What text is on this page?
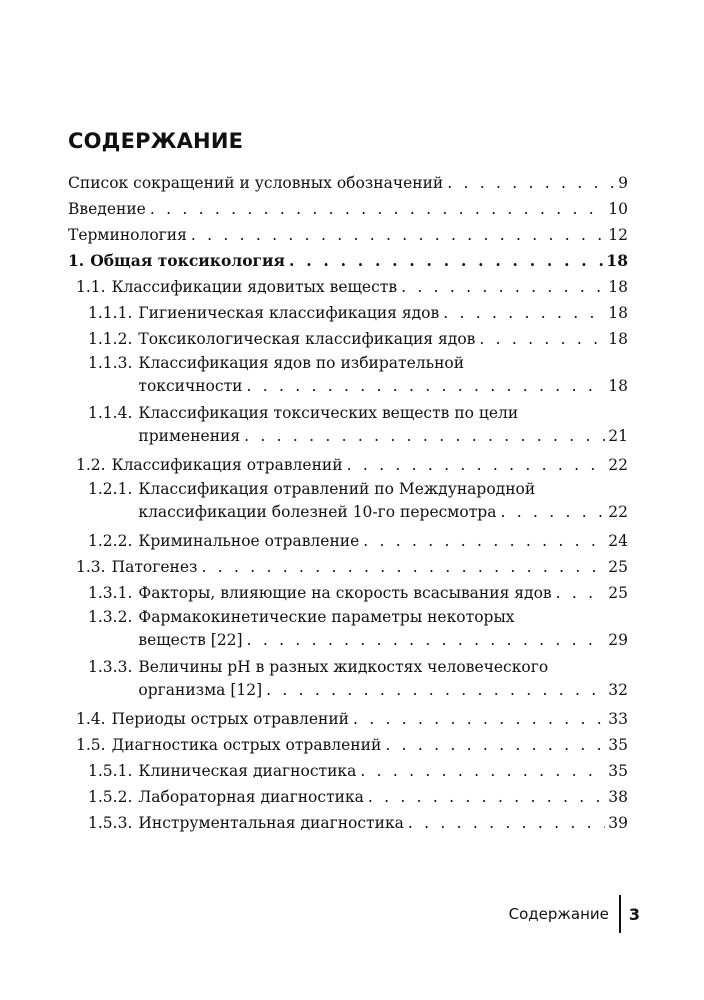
СОДЕРЖАНИЕ
Список сокращений и условных обозначений . . .	9
Введение . . .	10
Терминология . . .	12
1. Общая токсикология . . .	18
1.1. Классификации ядовитых веществ . . .	18
1.1.1. Гигиеническая классификация ядов . . .	18
1.1.2. Токсикологическая классификация ядов . . .	18
1.1.3. Классификация ядов по избирательной
токсичности . . .	18
1.1.4. Классификация токсических веществ по цели
применения . . .	21
1.2. Классификация отравлений . . .	22
1.2.1. Классификация отравлений по Международной
классификации болезней 10-го пересмотра . . .	22
1.2.2. Криминальное отравление . . .	24
1.3. Патогенез . . .	25
1.3.1. Факторы, влияющие на скорость всасывания ядов . . .	25
1.3.2. Фармакокинетические параметры некоторых
веществ [22] . . .	29
1.3.3. Величины pH в разных жидкостях человеческого
организма [12] . . .	32
1.4. Периоды острых отравлений . . .	33
1.5. Диагностика острых отравлений . . .	35
1.5.1. Клиническая диагностика . . .	35
1.5.2. Лабораторная диагностика . . .	38
1.5.3. Инструментальная диагностика . . .	39
Содержание 3
